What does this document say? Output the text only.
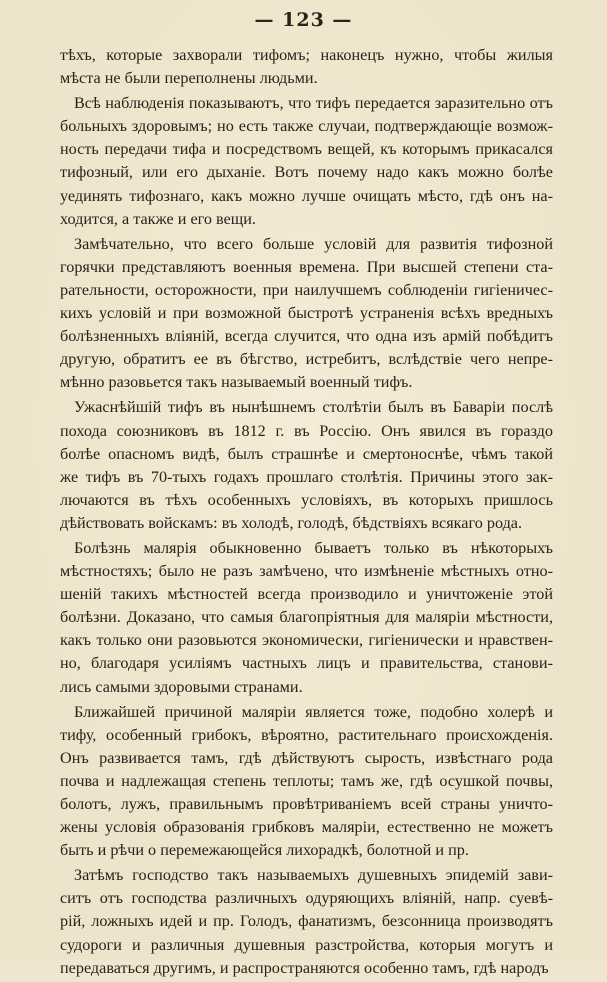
— 123 —
тѣхъ, которые захворали тифомъ; наконецъ нужно, чтобы жилыя
мѣста не были переполнены людьми.
Всѣ наблюденія показываютъ, что тифъ передается заразительно отъ
больныхъ здоровымъ; но есть также случаи, подтверждающіе возмож-
ность передачи тифа и посредствомъ вещей, къ которымъ прикасался
тифозный, или его дыханіе. Вотъ почему надо какъ можно болѣе
уединять тифознаго, какъ можно лучше очищать мѣсто, гдѣ онъ на-
ходится, а также и его вещи.
Замѣчательно, что всего больше условій для развитія тифозной
горячки представляютъ военныя времена. При высшей степени ста-
рательности, осторожности, при наилучшемъ соблюденіи гигіеничес-
кихъ условій и при возможной быстротѣ устраненія всѣхъ вредныхъ
болѣзненныхъ вліяній, всегда случится, что одна изъ армій побѣдитъ
другую, обратитъ ее въ бѣгство, истребитъ, вслѣдствіе чего непре-
мѣнно разовьется такъ называемый военный тифъ.
Ужаснѣйшій тифъ въ нынѣшнемъ столѣтіи былъ въ Баваріи послѣ
похода союзниковъ въ 1812 г. въ Россію. Онъ явился въ гораздо
болѣе опасномъ видѣ, былъ страшнѣе и смертоноснѣе, чѣмъ такой
же тифъ въ 70-тыхъ годахъ прошлаго столѣтія. Причины этого зак-
лючаются въ тѣхъ особенныхъ условіяхъ, въ которыхъ пришлось
дѣйствовать войскамъ: въ холодѣ, голодѣ, бѣдствіяхъ всякаго рода.
Болѣзнь малярія обыкновенно бываетъ только въ нѣкоторыхъ
мѣстностяхъ; было не разъ замѣчено, что измѣненіе мѣстныхъ отно-
шеній такихъ мѣстностей всегда производило и уничтоженіе этой
болѣзни. Доказано, что самыя благопріятныя для маляріи мѣстности,
какъ только они разовьются экономически, гигіенически и нравствен-
но, благодаря усиліямъ частныхъ лицъ и правительства, станови-
лись самыми здоровыми странами.
Ближайшей причиной маляріи является тоже, подобно холерѣ и
тифу, особенный грибокъ, вѣроятно, растительнаго происхожденія.
Онъ развивается тамъ, гдѣ дѣйствуютъ сырость, извѣстнаго рода
почва и надлежащая степень теплоты; тамъ же, гдѣ осушкой почвы,
болотъ, лужъ, правильнымъ провѣтриваніемъ всей страны уничто-
жены условія образованія грибковъ маляріи, естественно не можетъ
быть и рѣчи о перемежающейся лихорадкѣ, болотной и пр.
Затѣмъ господство такъ называемыхъ душевныхъ эпидемій зави-
ситъ отъ господства различныхъ одуряющихъ вліяній, напр. суевѣ-
рій, ложныхъ идей и пр. Голодъ, фанатизмъ, безсонница производятъ
судороги и различныя душевныя разстройства, которыя могутъ и
передаваться другимъ, и распространяются особенно тамъ, гдѣ народъ
